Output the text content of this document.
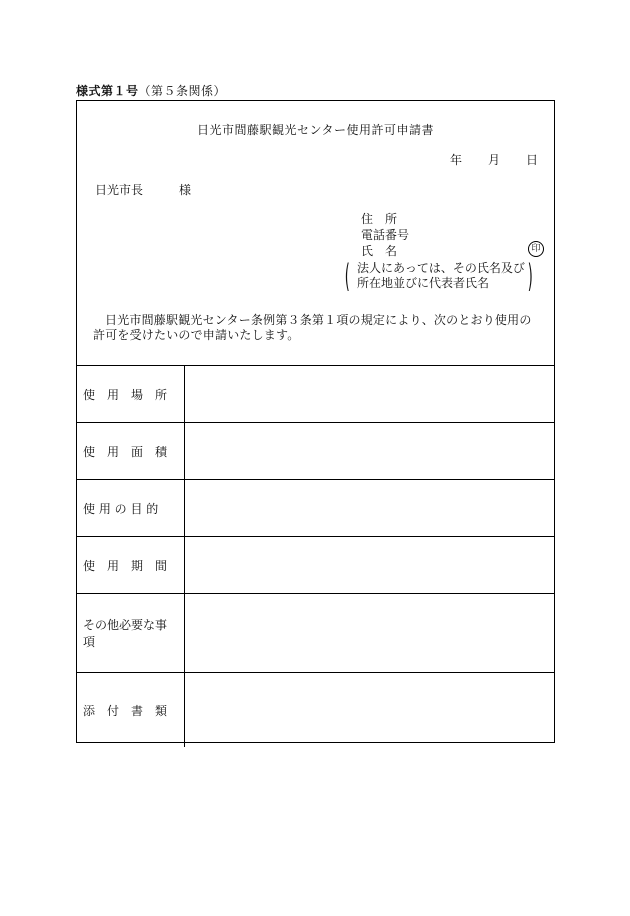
様式第１号（第５条関係）
日光市間藤駅観光センター使用許可申請書
年 月 日
日光市長	様
住　所
電話番号
氏　名	印
( 法人にあっては、その氏名及び
所在地並びに代表者氏名	)
日光市間藤駅観光センター条例第３条第１項の規定により、次のとおり使用の許可を受けたいので申請いたします。
使　用　場　所
使　用　面　積
使 用 の 目 的
使　用　期　間
その他必要な事項
添　付　書　類
